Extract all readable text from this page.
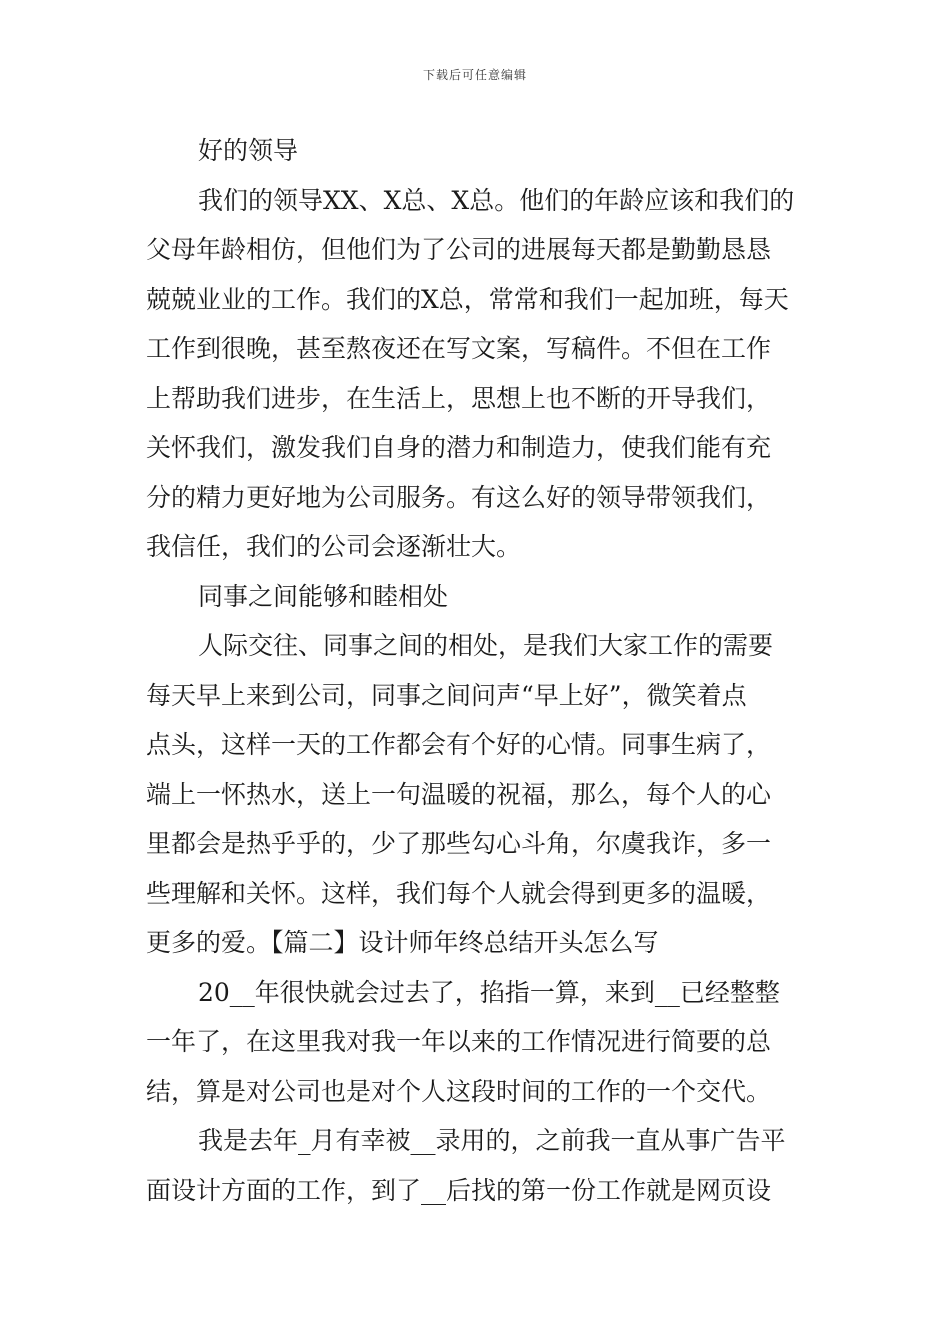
下载后可任意编辑
好的领导
我们的领导XX、X总、X总。他们的年龄应该和我们的
父母年龄相仿，但他们为了公司的进展每天都是勤勤恳恳
兢兢业业的工作。我们的X总，常常和我们一起加班，每天
工作到很晚，甚至熬夜还在写文案，写稿件。不但在工作
上帮助我们进步，在生活上，思想上也不断的开导我们，
关怀我们，激发我们自身的潜力和制造力，使我们能有充
分的精力更好地为公司服务。有这么好的领导带领我们，
我信任，我们的公司会逐渐壮大。
同事之间能够和睦相处
人际交往、同事之间的相处，是我们大家工作的需要
每天早上来到公司，同事之间问声“早上好”，微笑着点
点头，这样一天的工作都会有个好的心情。同事生病了，
端上一怀热水，送上一句温暖的祝福，那么，每个人的心
里都会是热乎乎的，少了那些勾心斗角，尔虞我诈，多一
些理解和关怀。这样，我们每个人就会得到更多的温暖，
更多的爱。【篇二】设计师年终总结开头怎么写
20__年很快就会过去了，掐指一算，来到__已经整整
一年了，在这里我对我一年以来的工作情况进行简要的总
结，算是对公司也是对个人这段时间的工作的一个交代。
我是去年_月有幸被__录用的，之前我一直从事广告平
面设计方面的工作，到了__后找的第一份工作就是网页设
